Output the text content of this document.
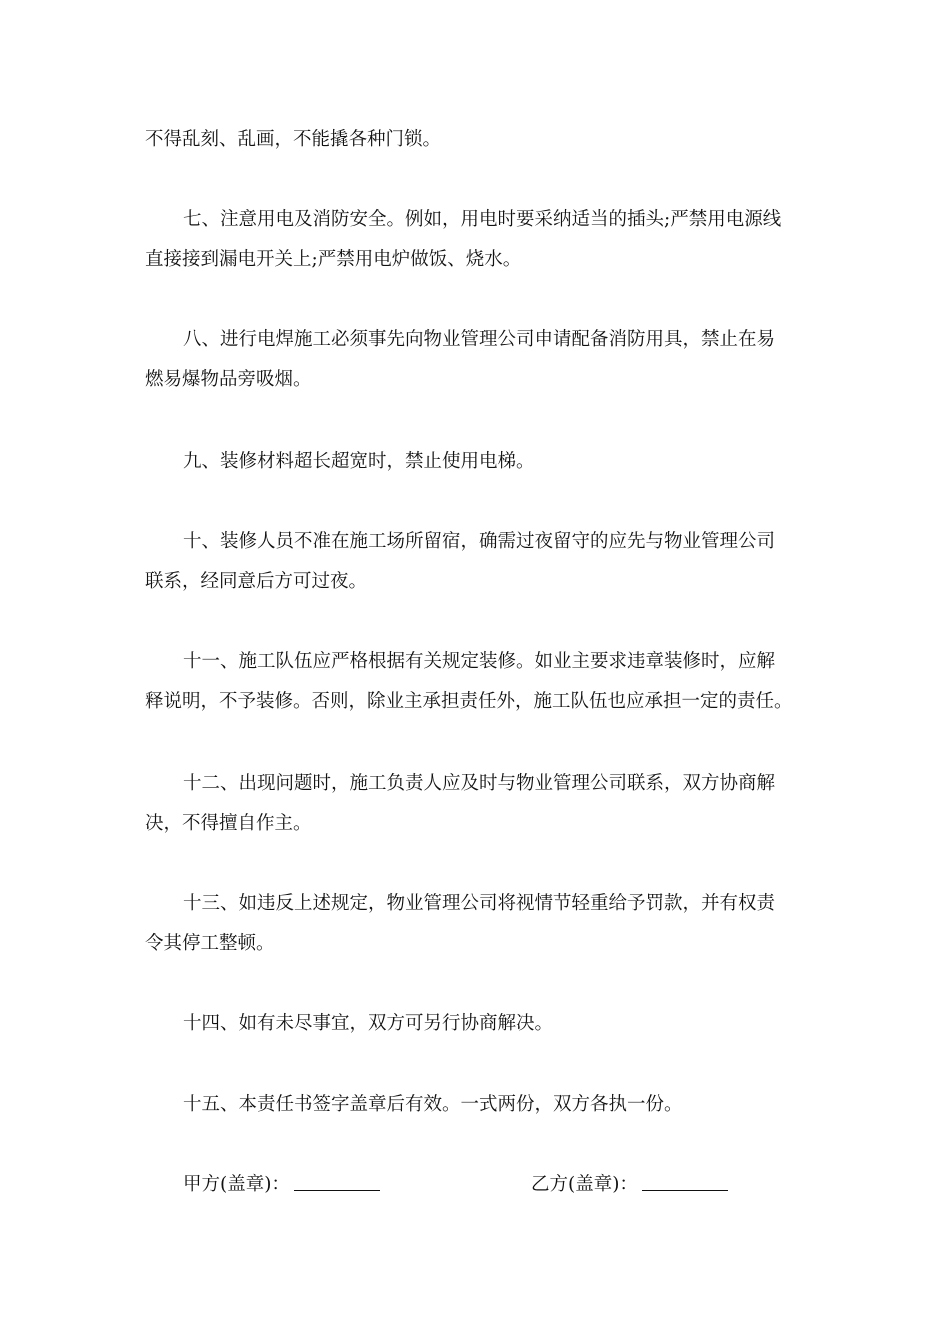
不得乱刻、乱画，不能撬各种门锁。
七、注意用电及消防安全。例如，用电时要采纳适当的插头;严禁用电源线
直接接到漏电开关上;严禁用电炉做饭、烧水。
八、进行电焊施工必须事先向物业管理公司申请配备消防用具，禁止在易
燃易爆物品旁吸烟。
九、装修材料超长超宽时，禁止使用电梯。
十、装修人员不准在施工场所留宿，确需过夜留守的应先与物业管理公司
联系，经同意后方可过夜。
十一、施工队伍应严格根据有关规定装修。如业主要求违章装修时，应解
释说明，不予装修。否则，除业主承担责任外，施工队伍也应承担一定的责任。
十二、出现问题时，施工负责人应及时与物业管理公司联系，双方协商解
决，不得擅自作主。
十三、如违反上述规定，物业管理公司将视情节轻重给予罚款，并有权责
令其停工整顿。
十四、如有未尽事宜，双方可另行协商解决。
十五、本责任书签字盖章后有效。一式两份，双方各执一份。
甲方(盖章)：	乙方(盖章)：
